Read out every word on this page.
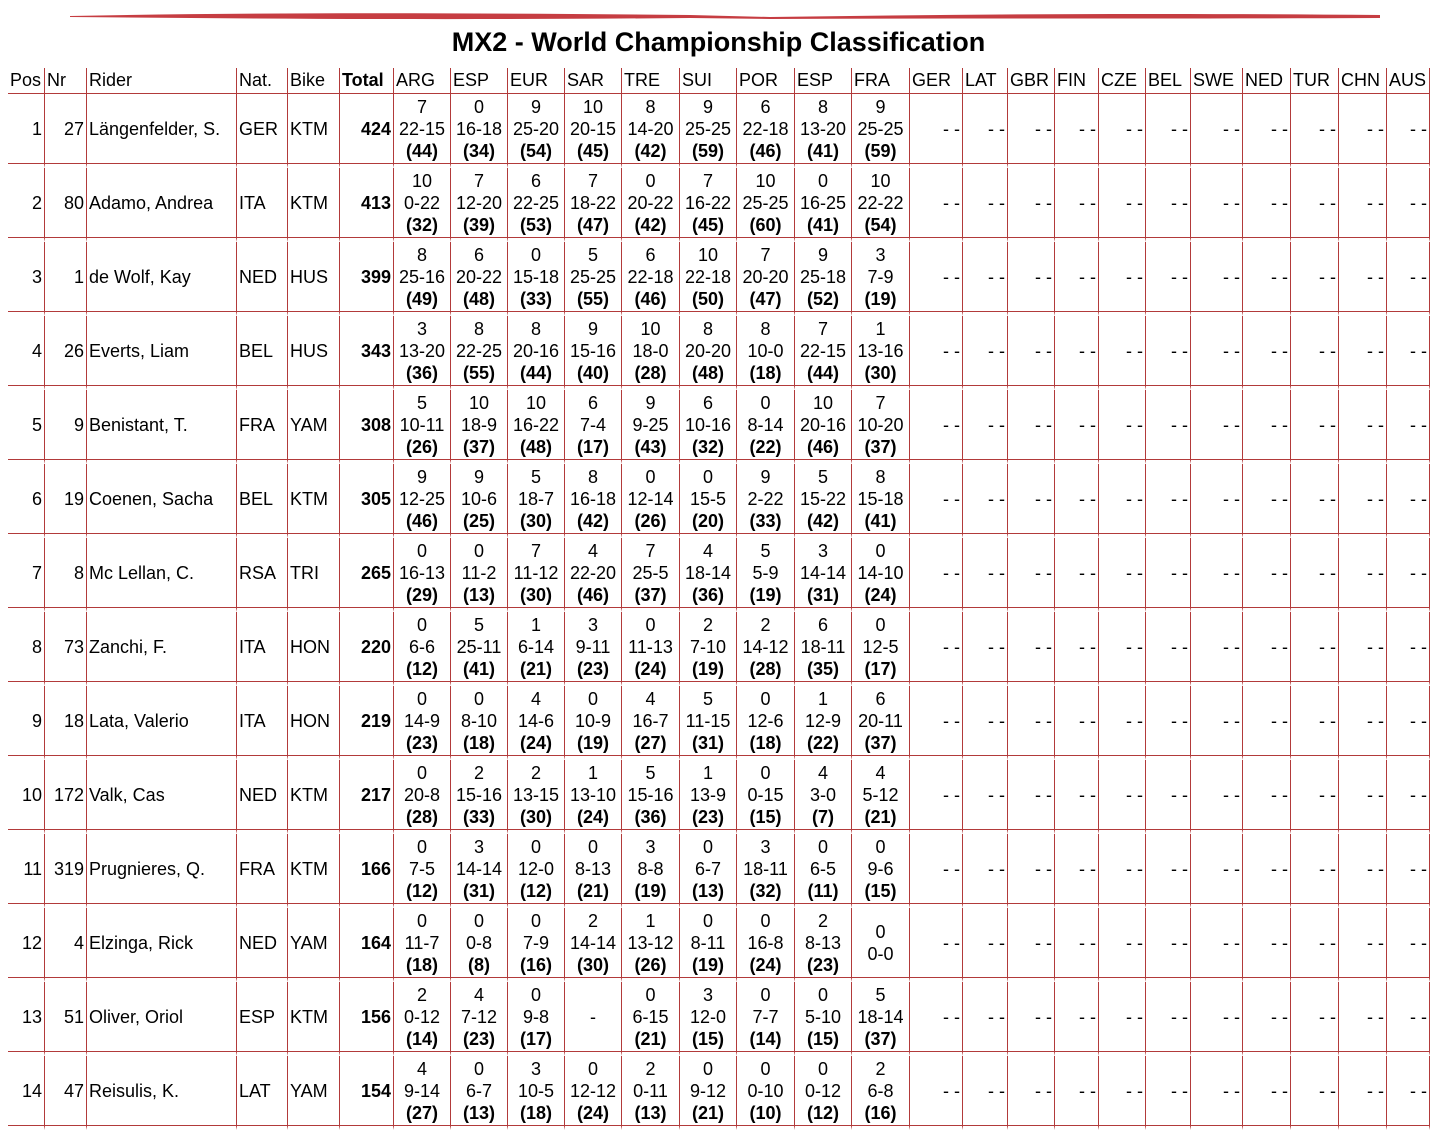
MX2 - World Championship Classification
Pos	Nr	Rider	Nat.	Bike	Total	ARG	ESP	EUR	SAR	TRE	SUI	POR	ESP	FRA	GER	LAT	GBR	FIN	CZE	BEL	SWE	NED	TUR	CHN	AUS
1	27	Längenfelder, S.	GER	KTM	424	7
22-15
(44)	0
16-18
(34)	9
25-20
(54)	10
20-15
(45)	8
14-20
(42)	9
25-25
(59)	6
22-18
(46)	8
13-20
(41)	9
25-25
(59)	- -	- -	- -	- -	- -	- -	- -	- -	- -	- -	- -
2	80	Adamo, Andrea	ITA	KTM	413	10
0-22
(32)	7
12-20
(39)	6
22-25
(53)	7
18-22
(47)	0
20-22
(42)	7
16-22
(45)	10
25-25
(60)	0
16-25
(41)	10
22-22
(54)	- -	- -	- -	- -	- -	- -	- -	- -	- -	- -	- -
3	1	de Wolf, Kay	NED	HUS	399	8
25-16
(49)	6
20-22
(48)	0
15-18
(33)	5
25-25
(55)	6
22-18
(46)	10
22-18
(50)	7
20-20
(47)	9
25-18
(52)	3
7-9
(19)	- -	- -	- -	- -	- -	- -	- -	- -	- -	- -	- -
4	26	Everts, Liam	BEL	HUS	343	3
13-20
(36)	8
22-25
(55)	8
20-16
(44)	9
15-16
(40)	10
18-0
(28)	8
20-20
(48)	8
10-0
(18)	7
22-15
(44)	1
13-16
(30)	- -	- -	- -	- -	- -	- -	- -	- -	- -	- -	- -
5	9	Benistant, T.	FRA	YAM	308	5
10-11
(26)	10
18-9
(37)	10
16-22
(48)	6
7-4
(17)	9
9-25
(43)	6
10-16
(32)	0
8-14
(22)	10
20-16
(46)	7
10-20
(37)	- -	- -	- -	- -	- -	- -	- -	- -	- -	- -	- -
6	19	Coenen, Sacha	BEL	KTM	305	9
12-25
(46)	9
10-6
(25)	5
18-7
(30)	8
16-18
(42)	0
12-14
(26)	0
15-5
(20)	9
2-22
(33)	5
15-22
(42)	8
15-18
(41)	- -	- -	- -	- -	- -	- -	- -	- -	- -	- -	- -
7	8	Mc Lellan, C.	RSA	TRI	265	0
16-13
(29)	0
11-2
(13)	7
11-12
(30)	4
22-20
(46)	7
25-5
(37)	4
18-14
(36)	5
5-9
(19)	3
14-14
(31)	0
14-10
(24)	- -	- -	- -	- -	- -	- -	- -	- -	- -	- -	- -
8	73	Zanchi, F.	ITA	HON	220	0
6-6
(12)	5
25-11
(41)	1
6-14
(21)	3
9-11
(23)	0
11-13
(24)	2
7-10
(19)	2
14-12
(28)	6
18-11
(35)	0
12-5
(17)	- -	- -	- -	- -	- -	- -	- -	- -	- -	- -	- -
9	18	Lata, Valerio	ITA	HON	219	0
14-9
(23)	0
8-10
(18)	4
14-6
(24)	0
10-9
(19)	4
16-7
(27)	5
11-15
(31)	0
12-6
(18)	1
12-9
(22)	6
20-11
(37)	- -	- -	- -	- -	- -	- -	- -	- -	- -	- -	- -
10	172	Valk, Cas	NED	KTM	217	0
20-8
(28)	2
15-16
(33)	2
13-15
(30)	1
13-10
(24)	5
15-16
(36)	1
13-9
(23)	0
0-15
(15)	4
3-0
(7)	4
5-12
(21)	- -	- -	- -	- -	- -	- -	- -	- -	- -	- -	- -
11	319	Prugnieres, Q.	FRA	KTM	166	0
7-5
(12)	3
14-14
(31)	0
12-0
(12)	0
8-13
(21)	3
8-8
(19)	0
6-7
(13)	3
18-11
(32)	0
6-5
(11)	0
9-6
(15)	- -	- -	- -	- -	- -	- -	- -	- -	- -	- -	- -
12	4	Elzinga, Rick	NED	YAM	164	0
11-7
(18)	0
0-8
(8)	0
7-9
(16)	2
14-14
(30)	1
13-12
(26)	0
8-11
(19)	0
16-8
(24)	2
8-13
(23)	0
0-0	- -	- -	- -	- -	- -	- -	- -	- -	- -	- -	- -
13	51	Oliver, Oriol	ESP	KTM	156	2
0-12
(14)	4
7-12
(23)	0
9-8
(17)	-	0
6-15
(21)	3
12-0
(15)	0
7-7
(14)	0
5-10
(15)	5
18-14
(37)	- -	- -	- -	- -	- -	- -	- -	- -	- -	- -	- -
14	47	Reisulis, K.	LAT	YAM	154	4
9-14
(27)	0
6-7
(13)	3
10-5
(18)	0
12-12
(24)	2
0-11
(13)	0
9-12
(21)	0
0-10
(10)	0
0-12
(12)	2
6-8
(16)	- -	- -	- -	- -	- -	- -	- -	- -	- -	- -	- -
